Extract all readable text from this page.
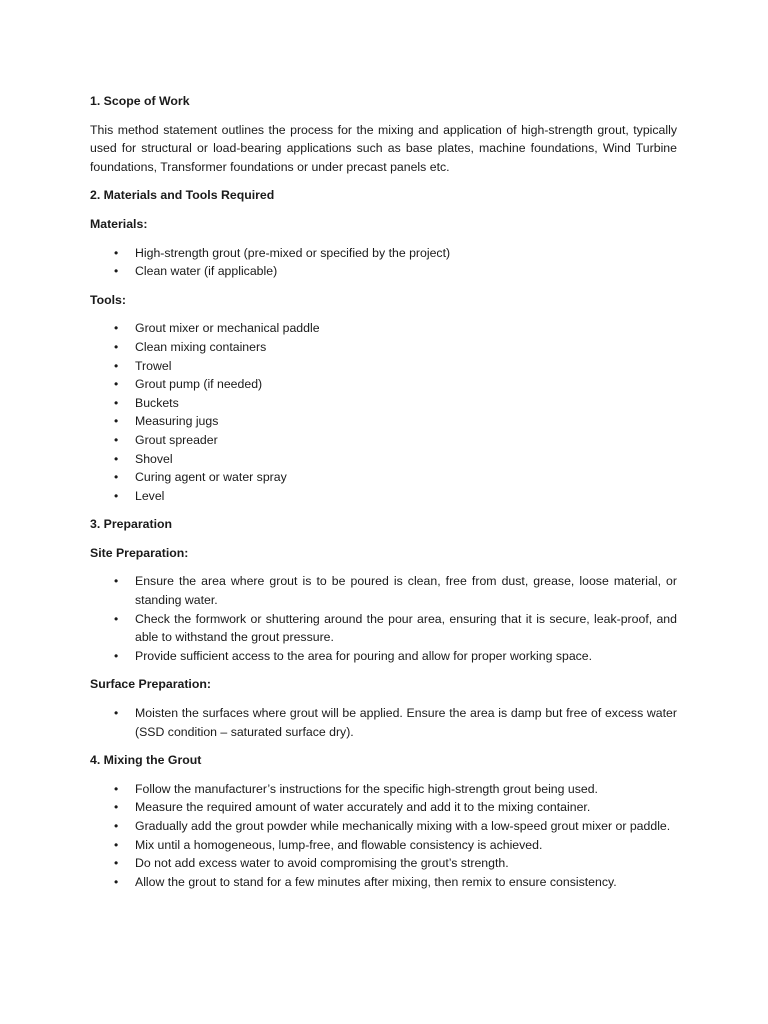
1. Scope of Work
This method statement outlines the process for the mixing and application of high-strength grout, typically used for structural or load-bearing applications such as base plates, machine foundations, Wind Turbine foundations, Transformer foundations or under precast panels etc.
2. Materials and Tools Required
Materials:
• High-strength grout (pre-mixed or specified by the project)
• Clean water (if applicable)
Tools:
• Grout mixer or mechanical paddle
• Clean mixing containers
• Trowel
• Grout pump (if needed)
• Buckets
• Measuring jugs
• Grout spreader
• Shovel
• Curing agent or water spray
• Level
3. Preparation
Site Preparation:
• Ensure the area where grout is to be poured is clean, free from dust, grease, loose material, or standing water.
• Check the formwork or shuttering around the pour area, ensuring that it is secure, leak-proof, and able to withstand the grout pressure.
• Provide sufficient access to the area for pouring and allow for proper working space.
Surface Preparation:
• Moisten the surfaces where grout will be applied. Ensure the area is damp but free of excess water (SSD condition – saturated surface dry).
4. Mixing the Grout
• Follow the manufacturer’s instructions for the specific high-strength grout being used.
• Measure the required amount of water accurately and add it to the mixing container.
• Gradually add the grout powder while mechanically mixing with a low-speed grout mixer or paddle.
• Mix until a homogeneous, lump-free, and flowable consistency is achieved.
• Do not add excess water to avoid compromising the grout’s strength.
• Allow the grout to stand for a few minutes after mixing, then remix to ensure consistency.
